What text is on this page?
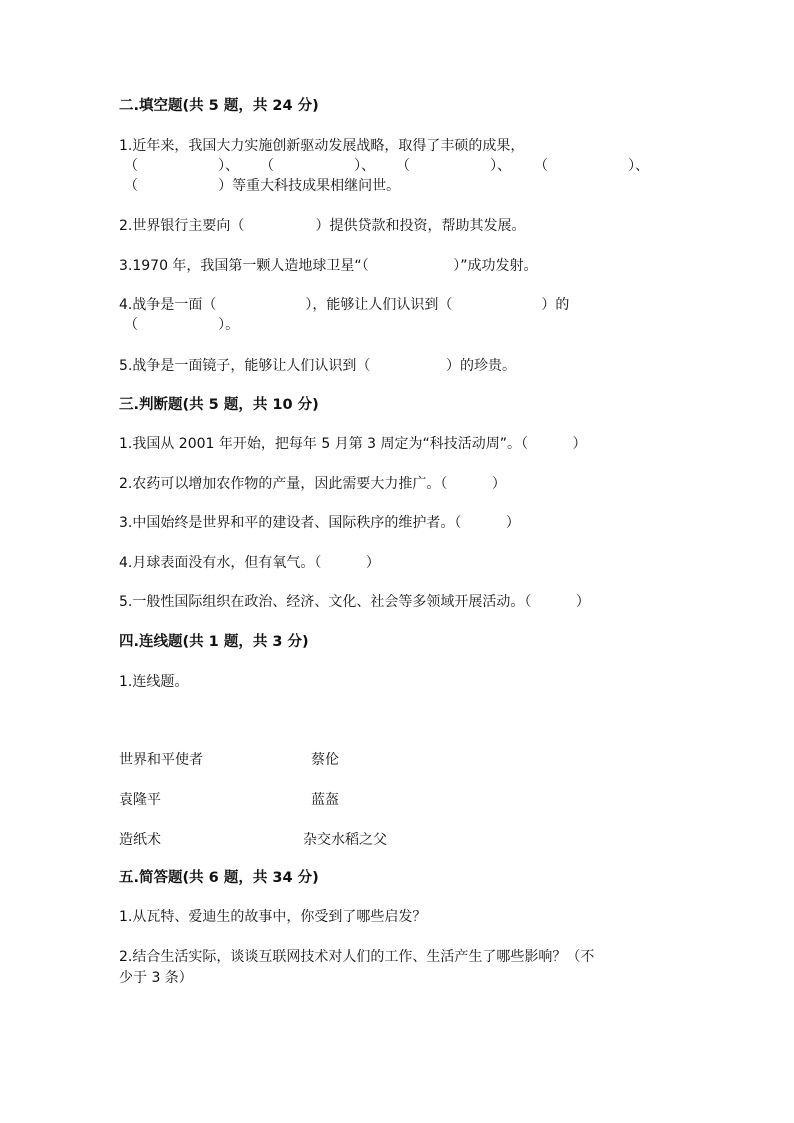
二.填空题(共 5 题，共 24 分)

1.近年来，我国大力实施创新驱动发展战略，取得了丰硕的成果，

（                  ）、 （                  ）、 （                  ）、 （                  ）、

（                  ）等重大科技成果相继问世。

2.世界银行主要向（                ）提供贷款和投资，帮助其发展。

3.1970 年，我国第一颗人造地球卫星“（                   ）”成功发射。

4.战争是一面（                    ），能够让人们认识到（                    ）的

（                  ）。

5.战争是一面镜子，能够让人们认识到（                 ）的珍贵。

三.判断题(共 5 题，共 10 分)

1.我国从 2001 年开始，把每年 5 月第 3 周定为“科技活动周”。（          ）

2.农药可以增加农作物的产量，因此需要大力推广。（          ）

3.中国始终是世界和平的建设者、国际秩序的维护者。（          ）

4.月球表面没有水，但有氧气。（          ）

5.一般性国际组织在政治、经济、文化、社会等多领域开展活动。（          ）

四.连线题(共 1 题，共 3 分)

1.连线题。

世界和平使者	蔡伦
袁隆平	蓝盔
造纸术	杂交水稻之父

五.简答题(共 6 题，共 34 分)

1.从瓦特、爱迪生的故事中，你受到了哪些启发？

2.结合生活实际，谈谈互联网技术对人们的工作、生活产生了哪些影响？（不

少于 3 条）
